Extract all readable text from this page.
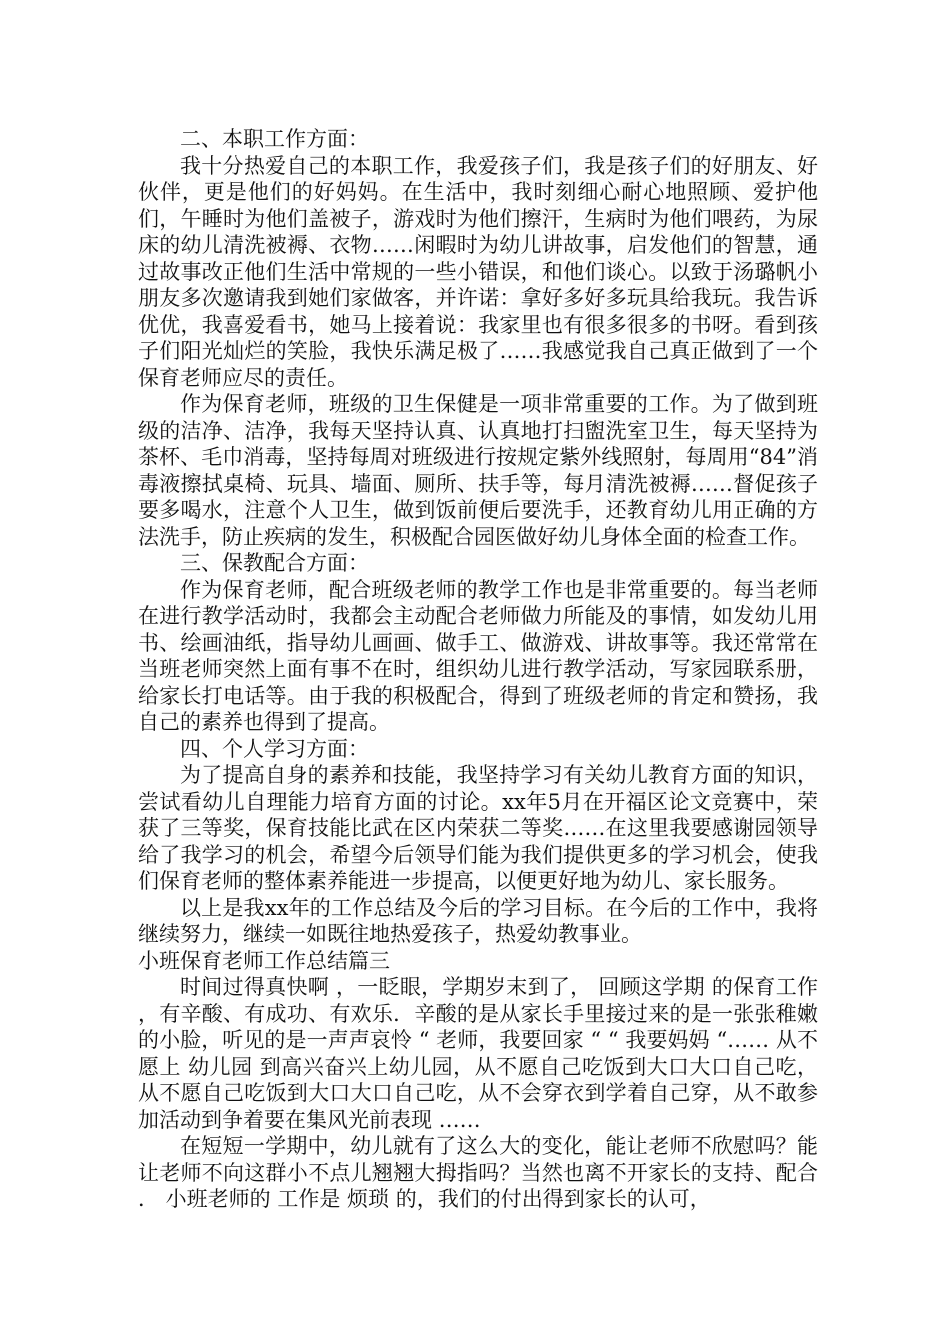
二、本职工作方面：

我十分热爱自己的本职工作，我爱孩子们，我是孩子们的好朋友、好伙伴，更是他们的好妈妈。在生活中，我时刻细心耐心地照顾、爱护他们，午睡时为他们盖被子，游戏时为他们擦汗，生病时为他们喂药，为尿床的幼儿清洗被褥、衣物……闲暇时为幼儿讲故事，启发他们的智慧，通过故事改正他们生活中常规的一些小错误，和他们谈心。以致于汤璐帆小朋友多次邀请我到她们家做客，并许诺：拿好多好多玩具给我玩。我告诉优优，我喜爱看书，她马上接着说：我家里也有很多很多的书呀。看到孩子们阳光灿烂的笑脸，我快乐满足极了……我感觉我自己真正做到了一个保育老师应尽的责任。

作为保育老师，班级的卫生保健是一项非常重要的工作。为了做到班级的洁净、洁净，我每天坚持认真、认真地打扫盥洗室卫生，每天坚持为茶杯、毛巾消毒，坚持每周对班级进行按规定紫外线照射，每周用“84”消毒液擦拭桌椅、玩具、墙面、厕所、扶手等，每月清洗被褥……督促孩子要多喝水，注意个人卫生，做到饭前便后要洗手，还教育幼儿用正确的方法洗手，防止疾病的发生，积极配合园医做好幼儿身体全面的检查工作。

三、保教配合方面：

作为保育老师，配合班级老师的教学工作也是非常重要的。每当老师在进行教学活动时，我都会主动配合老师做力所能及的事情，如发幼儿用书、绘画油纸，指导幼儿画画、做手工、做游戏、讲故事等。我还常常在当班老师突然上面有事不在时，组织幼儿进行教学活动，写家园联系册，给家长打电话等。由于我的积极配合，得到了班级老师的肯定和赞扬，我自己的素养也得到了提高。

四、个人学习方面：

为了提高自身的素养和技能，我坚持学习有关幼儿教育方面的知识，尝试看幼儿自理能力培育方面的讨论。xx年5月在开福区论文竞赛中，荣获了三等奖，保育技能比武在区内荣获二等奖……在这里我要感谢园领导给了我学习的机会，希望今后领导们能为我们提供更多的学习机会，使我们保育老师的整体素养能进一步提高，以便更好地为幼儿、家长服务。

以上是我xx年的工作总结及今后的学习目标。在今后的工作中，我将继续努力，继续一如既往地热爱孩子，热爱幼教事业。

小班保育老师工作总结篇三

时间过得真快啊 ，一眨眼，学期岁末到了， 回顾这学期 的保育工作 ，有辛酸、有成功、有欢乐．辛酸的是从家长手里接过来的是一张张稚嫩的小脸，听见的是一声声哀怜 “ 老师，我要回家 “ “ 我要妈妈 “…… 从不愿上 幼儿园 到高兴奋兴上幼儿园，从不愿自己吃饭到大口大口自己吃，从不愿自己吃饭到大口大口自己吃，从不会穿衣到学着自己穿，从不敢参加活动到争着要在集风光前表现 ……

在短短一学期中，幼儿就有了这么大的变化，能让老师不欣慰吗？能让老师不向这群小不点儿翘翘大拇指吗？当然也离不开家长的支持、配合 ． 小班老师的 工作是 烦琐 的，我们的付出得到家长的认可，
